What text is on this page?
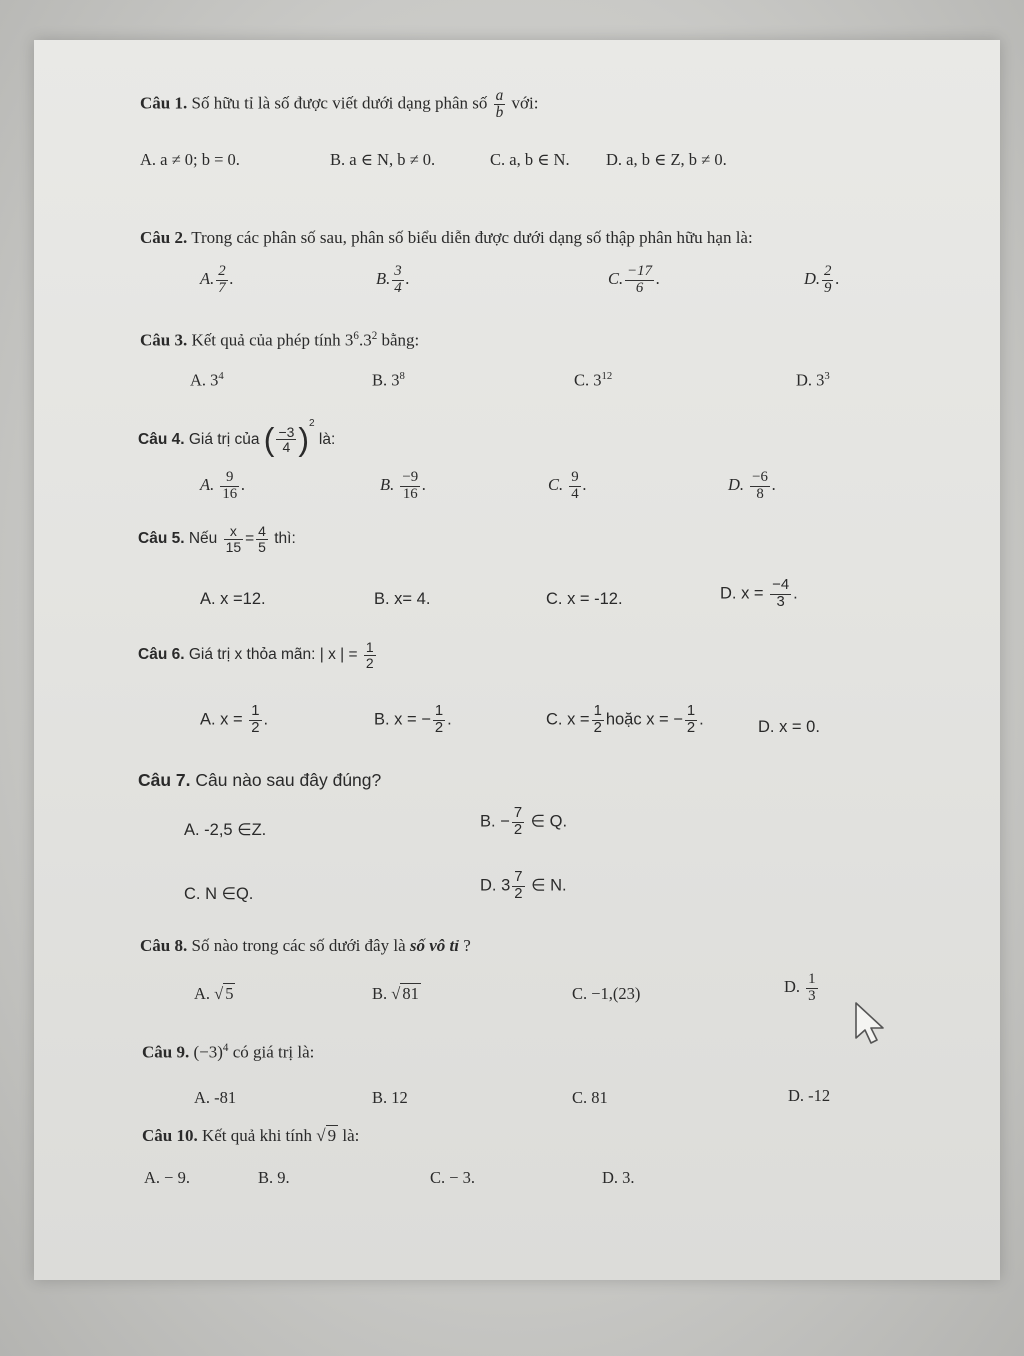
Câu 1. Số hữu tỉ là số được viết dưới dạng phân số $\frac{a}{b}$ với:
A. a ≠ 0; b = 0.	B. a ∈ N, b ≠ 0.	C. a, b ∈ N. D. a, b ∈ Z, b ≠ 0.
Câu 2. Trong các phân số sau, phân số biểu diễn được dưới dạng số thập phân hữu hạn là:
A. $\frac{2}{7}$ .	B. $\frac{3}{4}$ .	C. $\frac{-17}{6}$ .	D. $\frac{2}{9}$ .
Câu 3. Kết quả của phép tính $3^6.3^2$ bằng:
A. $3^4$	B. $3^8$	C. $3^{12}$	D. $3^3$
Câu 4. Giá trị của ( $\frac{-3}{4} )^2$ là:
A. $\frac{9}{16}$ .	B. $\frac{-9}{16}$ .	C. $\frac{9}{4}$ .	D. $\frac{-6}{8}$ .
Câu 5. Nếu $\frac{x}{15} = \frac{4}{5}$ thì:
A. x =12.	B. x= 4.	C. x = -12.	D. $x = \frac{-4}{3}$ .
Câu 6. Giá trị x thỏa mãn: | x | = $\frac{1}{2}$
A. $x = \frac{1}{2}$ .	B. x = − $\frac{1}{2}$ .	C. $x = \frac{1}{2}$ hoặc x = − $\frac{1}{2}$ .	D. x = 0.
Câu 7. Câu nào sau đây đúng?
A. -2,5 ∈Z.	B. − $\frac{7}{2}$ ∈ Q.
C. N ∈Q.	D. $3 \frac{7}{2}$ ∈ N.
Câu 8. Số nào trong các số dưới đây là số vô tỉ ?
A. √ 5	B. √ 81	C. −1,(23)	D. $\frac{1}{3}$
Câu 9. $(-3)^4$ có giá trị là:
A. -81	B. 12	C. 81	D. -12
Câu 10. Kết quả khi tính √ 9 là:
A. − 9.	B. 9.	C. − 3.	D. 3.
